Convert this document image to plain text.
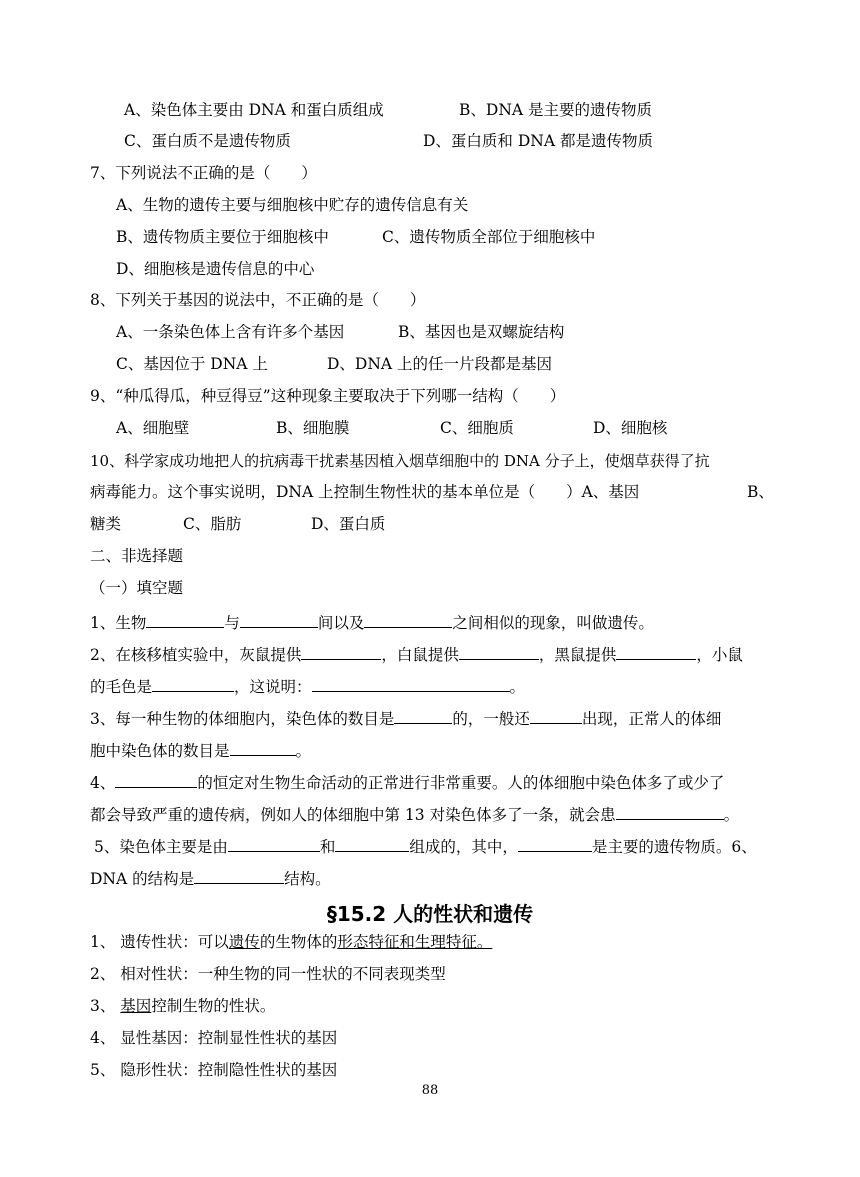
A、染色体主要由 DNA 和蛋白质组成	B、DNA 是主要的遗传物质
C、蛋白质不是遗传物质	D、蛋白质和 DNA 都是遗传物质
7、下列说法不正确的是（　　）
A、生物的遗传主要与细胞核中贮存的遗传信息有关
B、遗传物质主要位于细胞核中	C、遗传物质全部位于细胞核中
D、细胞核是遗传信息的中心
8、下列关于基因的说法中，不正确的是（　　）
A、一条染色体上含有许多个基因	B、基因也是双螺旋结构
C、基因位于 DNA 上	D、DNA 上的任一片段都是基因
9、“种瓜得瓜，种豆得豆”这种现象主要取决于下列哪一结构（　　）
A、细胞壁	B、细胞膜	C、细胞质	D、细胞核
10、科学家成功地把人的抗病毒干扰素基因植入烟草细胞中的 DNA 分子上，使烟草获得了抗
病毒能力。这个事实说明，DNA 上控制生物性状的基本单位是（　　）A、基因	B、
糖类	C、脂肪	D、蛋白质
二、非选择题
（一）填空题
1、生物	与	间以及	之间相似的现象，叫做遗传。
2、在核移植实验中，灰鼠提供	，白鼠提供	，黑鼠提供	，小鼠
的毛色是	，这说明：	。
3、每一种生物的体细胞内，染色体的数目是	的，一般还	出现，正常人的体细
胞中染色体的数目是	。
4、	的恒定对生物生命活动的正常进行非常重要。人的体细胞中染色体多了或少了
都会导致严重的遗传病，例如人的体细胞中第 13 对染色体多了一条，就会患	。
5、染色体主要是由	和	组成的，其中，	是主要的遗传物质。6、
DNA 的结构是	结构。
§15.2 人的性状和遗传
1、 遗传性状：可以遗传的生物体的形态特征和生理特征。
2、 相对性状：一种生物的同一性状的不同表现类型
3、 基因控制生物的性状。
4、 显性基因：控制显性性状的基因
5、 隐形性状：控制隐性性状的基因
88
